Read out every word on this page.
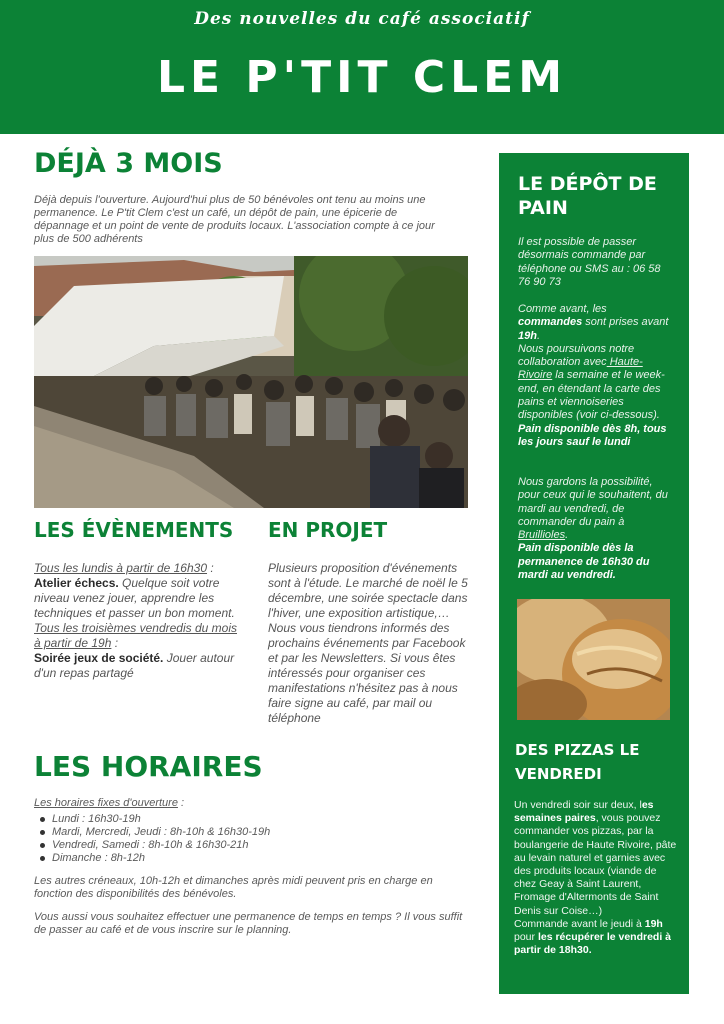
Des nouvelles du café associatif
LE P'TIT CLEM
DÉJÀ 3 MOIS
Déjà depuis l'ouverture. Aujourd'hui plus de 50 bénévoles ont tenu au moins une permanence. Le P'tit Clem c'est un café, un dépôt de pain, une épicerie de dépannage et un point de vente de produits locaux. L'association compte à ce jour plus de 500 adhérents
LES ÉVÈNEMENTS
Tous les lundis à partir de 16h30 :
Atelier échecs. Quelque soit votre niveau venez jouer, apprendre les techniques et passer un bon moment.
Tous les troisièmes vendredis du mois à partir de 19h :
Soirée jeux de société. Jouer autour d'un repas partagé
EN PROJET
Plusieurs proposition d'événements sont à l'étude. Le marché de noël le 5 décembre, une soirée spectacle dans l'hiver, une exposition artistique,… Nous vous tiendrons informés des prochains événements par Facebook et par les Newsletters. Si vous êtes intéressés pour organiser ces manifestations n'hésitez pas à nous faire signe au café, par mail ou téléphone
LES HORAIRES
Les horaires fixes d'ouverture :
Lundi : 16h30-19h
Mardi, Mercredi, Jeudi : 8h-10h & 16h30-19h
Vendredi, Samedi : 8h-10h & 16h30-21h
Dimanche : 8h-12h

Les autres créneaux, 10h-12h et dimanches après midi peuvent pris en charge en fonction des disponibilités des bénévoles.

Vous aussi vous souhaitez effectuer une permanence de temps en temps ? Il vous suffit de passer au café et de vous inscrire sur le planning.

LE DÉPÔT DE PAIN
Il est possible de passer désormais commande par téléphone ou SMS au : 06 58 76 90 73
Comme avant, les commandes sont prises avant 19h.
Nous poursuivons notre collaboration avec Haute-Rivoire la semaine et le week-end, en étendant la carte des pains et viennoiseries disponibles (voir ci-dessous).
Pain disponible dès 8h, tous les jours sauf le lundi
Nous gardons la possibilité, pour ceux qui le souhaitent, du mardi au vendredi, de commander du pain à Bruillioles.
Pain disponible dès la permanence de 16h30 du mardi au vendredi.
DES PIZZAS LE VENDREDI
Un vendredi soir sur deux, les semaines paires, vous pouvez commander vos pizzas, par la boulangerie de Haute Rivoire, pâte au levain naturel et garnies avec des produits locaux (viande de chez Geay à Saint Laurent, Fromage d'Altermonts de Saint Denis sur Coise…)
Commande avant le jeudi à 19h pour les récupérer le vendredi à partir de 18h30.
